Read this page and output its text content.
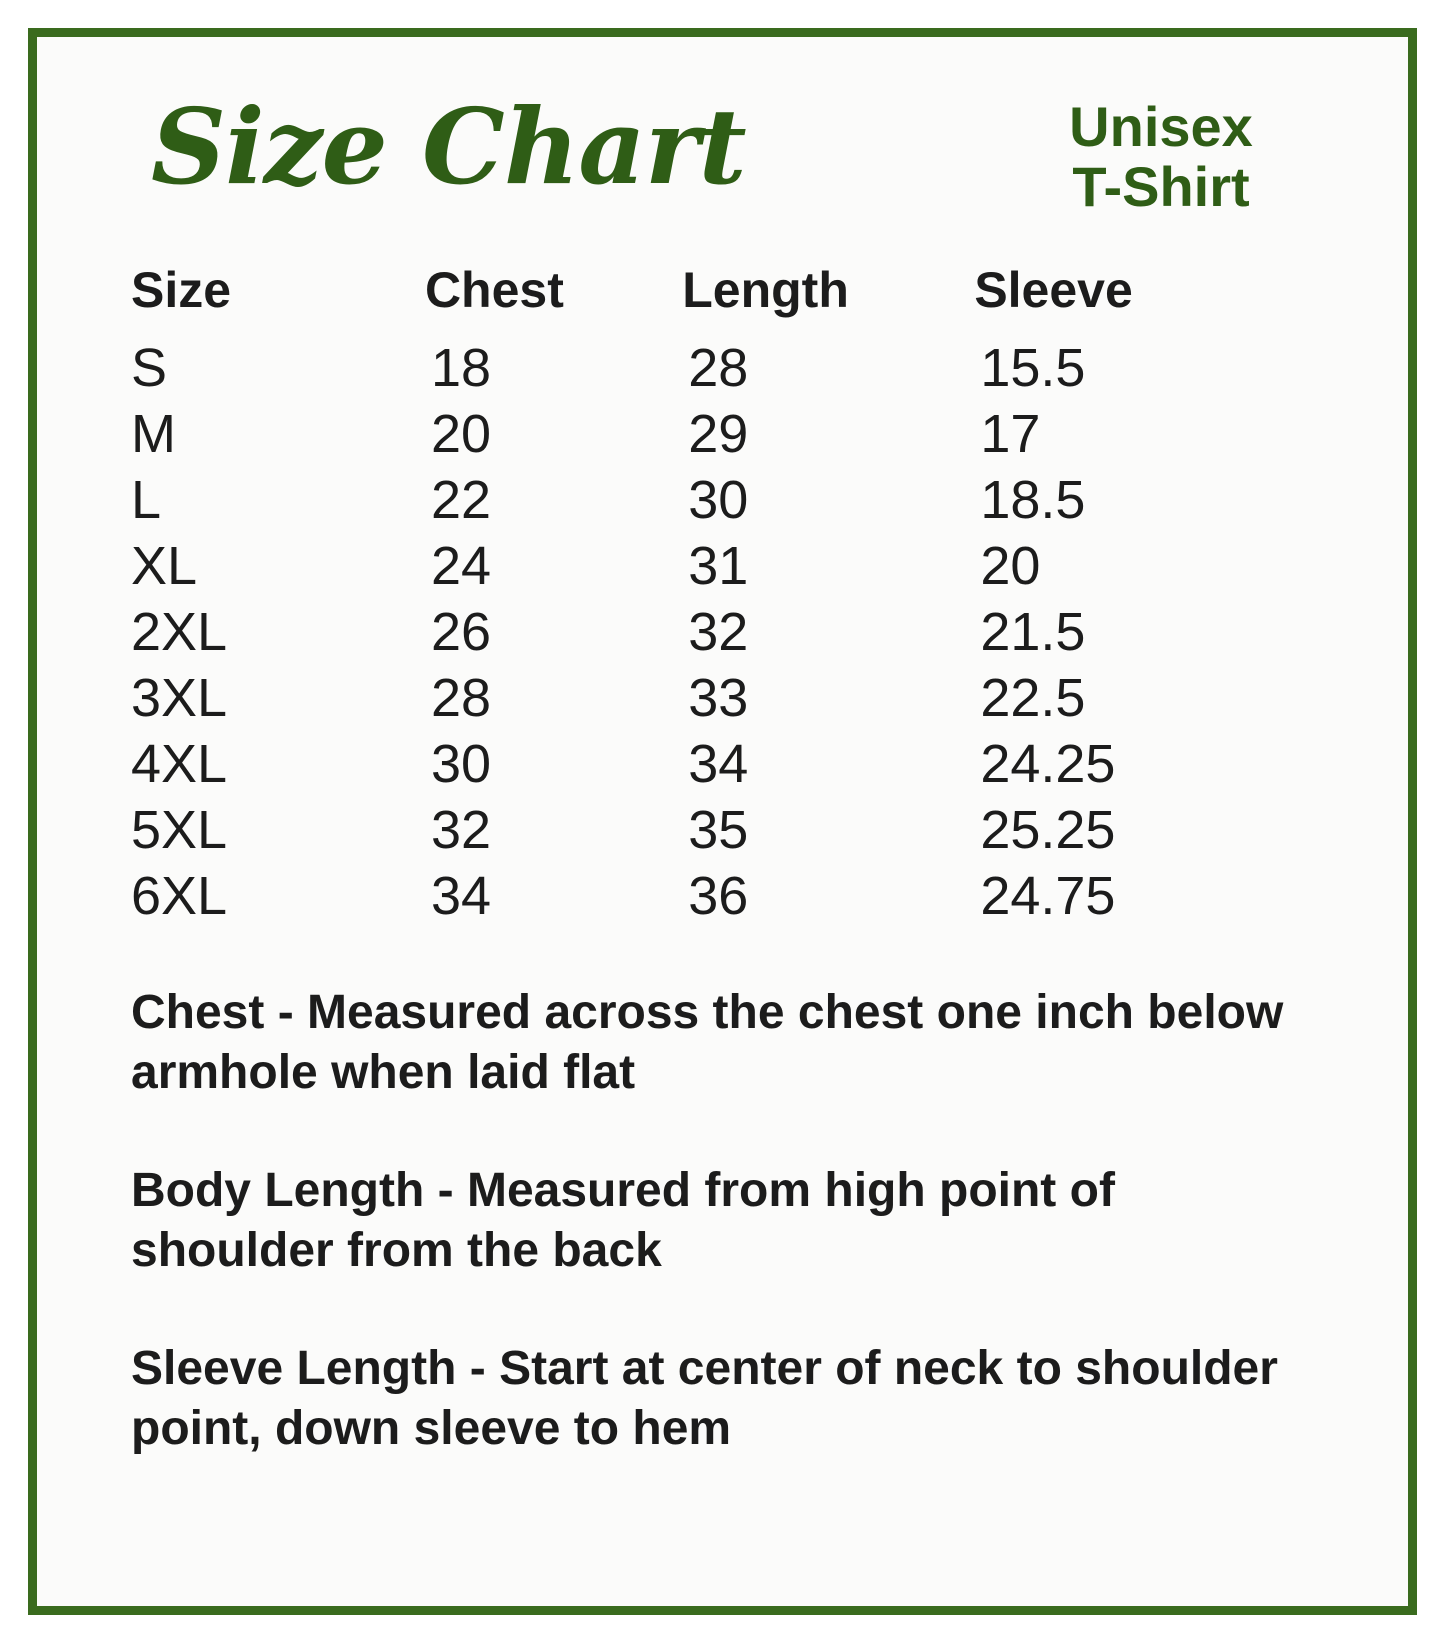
Size Chart	Unisex
T-Shirt
Size	Chest	Length	Sleeve
S	18	28	15.5
M	20	29	17
L	22	30	18.5
XL	24	31	20
2XL	26	32	21.5
3XL	28	33	22.5
4XL	30	34	24.25
5XL	32	35	25.25
6XL	34	36	24.75
Chest - Measured across the chest one inch below armhole when laid flat
Body Length - Measured from high point of shoulder from the back
Sleeve Length - Start at center of neck to shoulder point, down sleeve to hem
